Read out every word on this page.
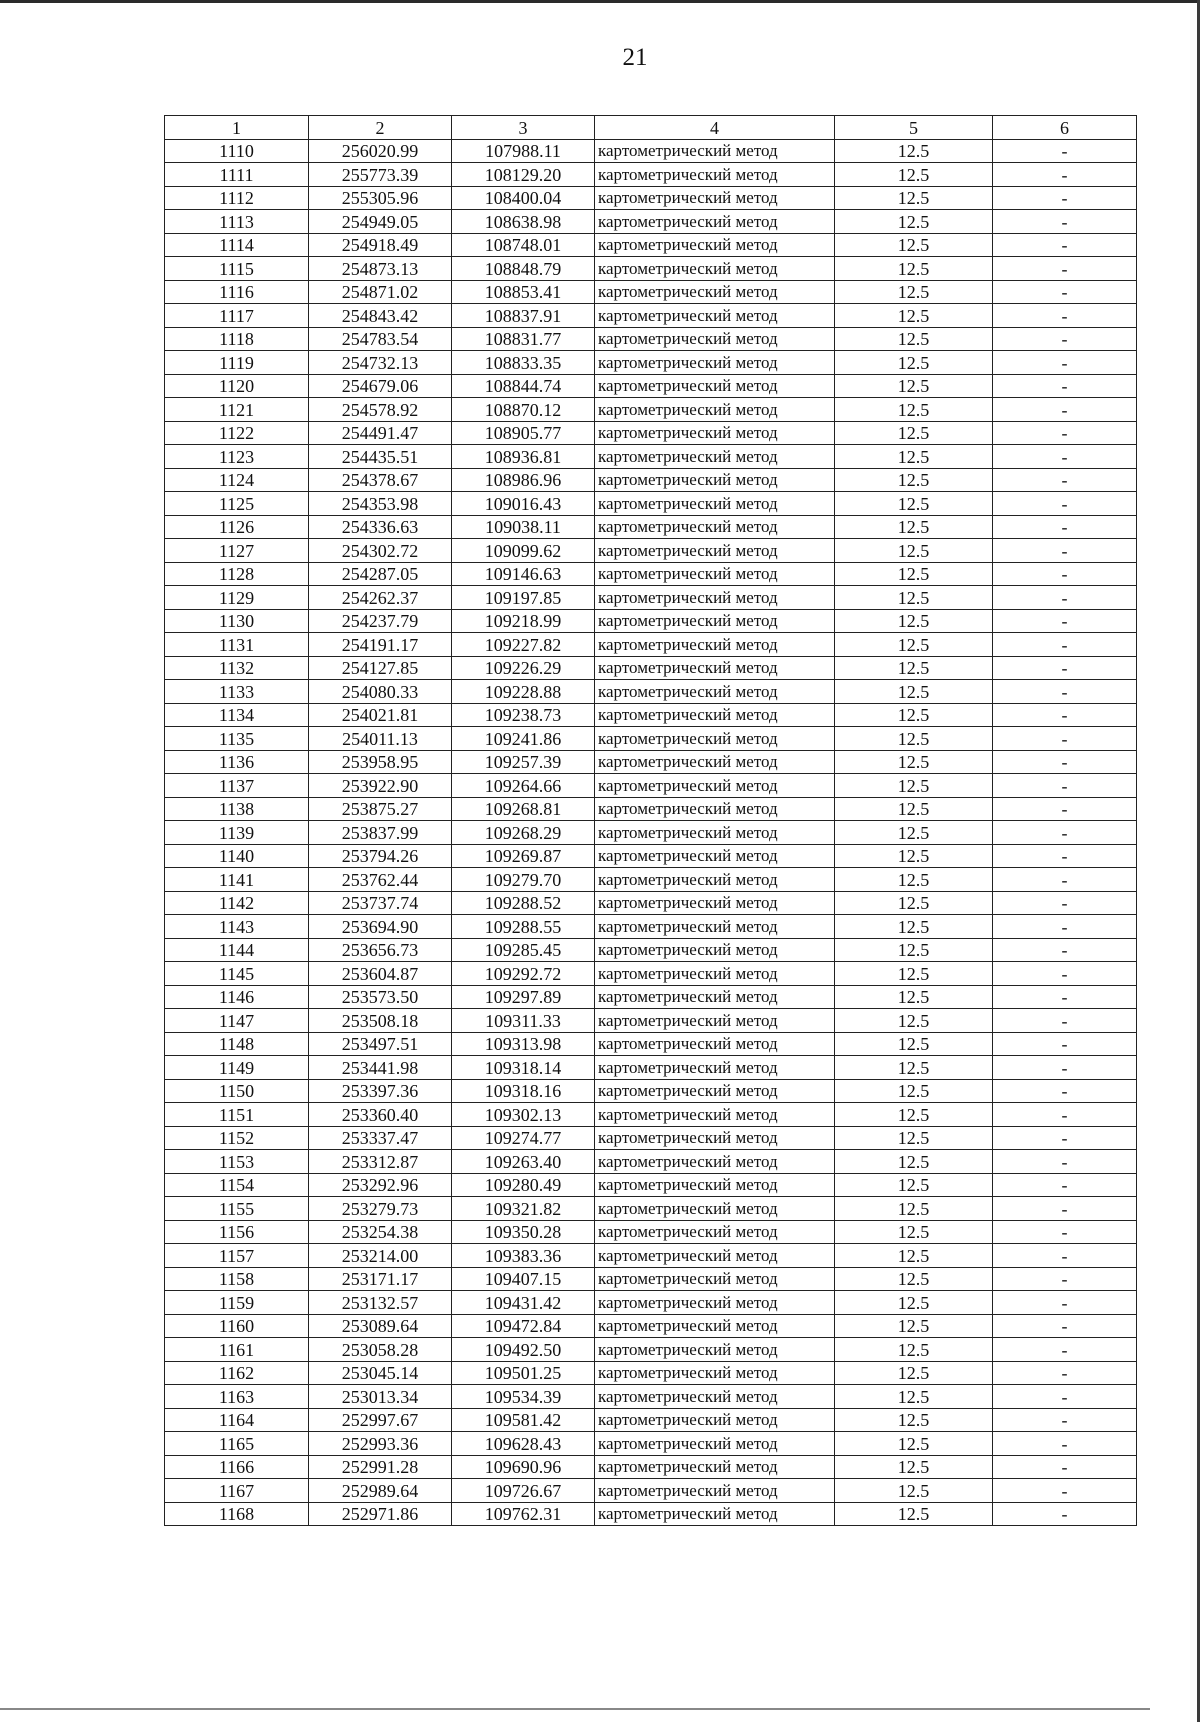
21
1	2	3	4	5	6
1110	256020.99	107988.11	картометрический метод	12.5	-
1111	255773.39	108129.20	картометрический метод	12.5	-
1112	255305.96	108400.04	картометрический метод	12.5	-
1113	254949.05	108638.98	картометрический метод	12.5	-
1114	254918.49	108748.01	картометрический метод	12.5	-
1115	254873.13	108848.79	картометрический метод	12.5	-
1116	254871.02	108853.41	картометрический метод	12.5	-
1117	254843.42	108837.91	картометрический метод	12.5	-
1118	254783.54	108831.77	картометрический метод	12.5	-
1119	254732.13	108833.35	картометрический метод	12.5	-
1120	254679.06	108844.74	картометрический метод	12.5	-
1121	254578.92	108870.12	картометрический метод	12.5	-
1122	254491.47	108905.77	картометрический метод	12.5	-
1123	254435.51	108936.81	картометрический метод	12.5	-
1124	254378.67	108986.96	картометрический метод	12.5	-
1125	254353.98	109016.43	картометрический метод	12.5	-
1126	254336.63	109038.11	картометрический метод	12.5	-
1127	254302.72	109099.62	картометрический метод	12.5	-
1128	254287.05	109146.63	картометрический метод	12.5	-
1129	254262.37	109197.85	картометрический метод	12.5	-
1130	254237.79	109218.99	картометрический метод	12.5	-
1131	254191.17	109227.82	картометрический метод	12.5	-
1132	254127.85	109226.29	картометрический метод	12.5	-
1133	254080.33	109228.88	картометрический метод	12.5	-
1134	254021.81	109238.73	картометрический метод	12.5	-
1135	254011.13	109241.86	картометрический метод	12.5	-
1136	253958.95	109257.39	картометрический метод	12.5	-
1137	253922.90	109264.66	картометрический метод	12.5	-
1138	253875.27	109268.81	картометрический метод	12.5	-
1139	253837.99	109268.29	картометрический метод	12.5	-
1140	253794.26	109269.87	картометрический метод	12.5	-
1141	253762.44	109279.70	картометрический метод	12.5	-
1142	253737.74	109288.52	картометрический метод	12.5	-
1143	253694.90	109288.55	картометрический метод	12.5	-
1144	253656.73	109285.45	картометрический метод	12.5	-
1145	253604.87	109292.72	картометрический метод	12.5	-
1146	253573.50	109297.89	картометрический метод	12.5	-
1147	253508.18	109311.33	картометрический метод	12.5	-
1148	253497.51	109313.98	картометрический метод	12.5	-
1149	253441.98	109318.14	картометрический метод	12.5	-
1150	253397.36	109318.16	картометрический метод	12.5	-
1151	253360.40	109302.13	картометрический метод	12.5	-
1152	253337.47	109274.77	картометрический метод	12.5	-
1153	253312.87	109263.40	картометрический метод	12.5	-
1154	253292.96	109280.49	картометрический метод	12.5	-
1155	253279.73	109321.82	картометрический метод	12.5	-
1156	253254.38	109350.28	картометрический метод	12.5	-
1157	253214.00	109383.36	картометрический метод	12.5	-
1158	253171.17	109407.15	картометрический метод	12.5	-
1159	253132.57	109431.42	картометрический метод	12.5	-
1160	253089.64	109472.84	картометрический метод	12.5	-
1161	253058.28	109492.50	картометрический метод	12.5	-
1162	253045.14	109501.25	картометрический метод	12.5	-
1163	253013.34	109534.39	картометрический метод	12.5	-
1164	252997.67	109581.42	картометрический метод	12.5	-
1165	252993.36	109628.43	картометрический метод	12.5	-
1166	252991.28	109690.96	картометрический метод	12.5	-
1167	252989.64	109726.67	картометрический метод	12.5	-
1168	252971.86	109762.31	картометрический метод	12.5	-
